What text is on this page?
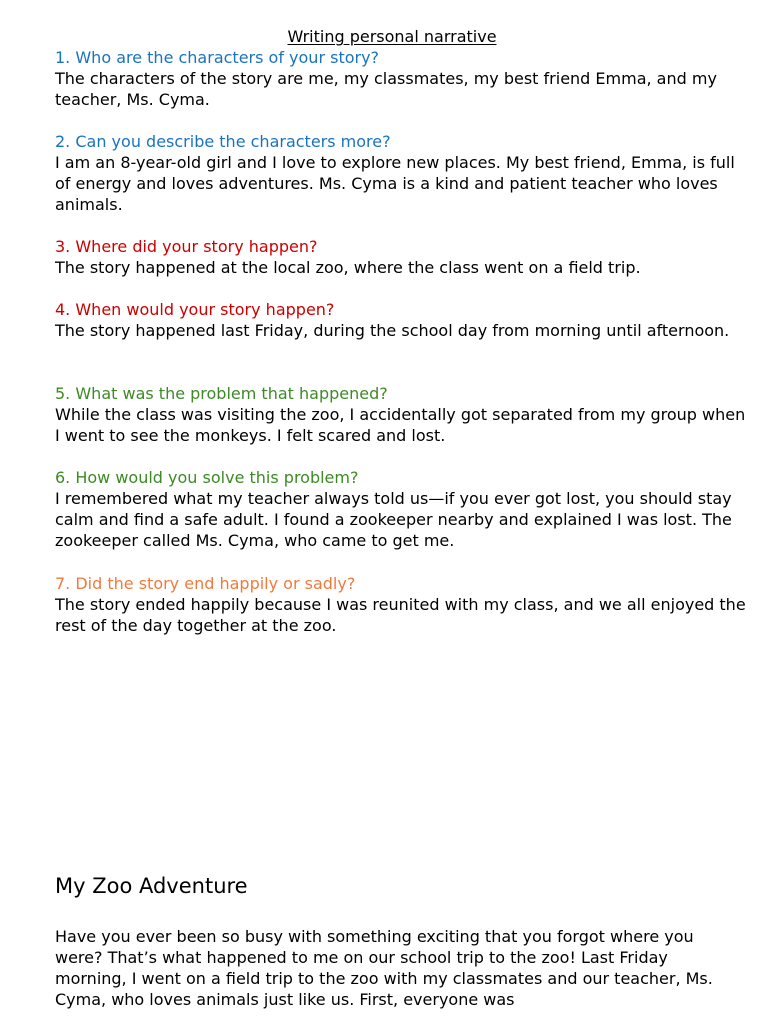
Writing personal narrative

1. Who are the characters of your story?

The characters of the story are me, my classmates, my best friend Emma, and my teacher, Ms. Cyma.

2. Can you describe the characters more?

I am an 8-year-old girl and I love to explore new places. My best friend, Emma, is full of energy and loves adventures. Ms. Cyma is a kind and patient teacher who loves animals.

3. Where did your story happen?

The story happened at the local zoo, where the class went on a field trip.

4. When would your story happen?

The story happened last Friday, during the school day from morning until afternoon.

5. What was the problem that happened?

While the class was visiting the zoo, I accidentally got separated from my group when I went to see the monkeys. I felt scared and lost.

6. How would you solve this problem?

I remembered what my teacher always told us—if you ever got lost, you should stay calm and find a safe adult. I found a zookeeper nearby and explained I was lost. The zookeeper called Ms. Cyma, who came to get me.

7. Did the story end happily or sadly?

The story ended happily because I was reunited with my class, and we all enjoyed the rest of the day together at the zoo.

My Zoo Adventure

Have you ever been so busy with something exciting that you forgot where you were? That’s what happened to me on our school trip to the zoo! Last Friday morning, I went on a field trip to the zoo with my classmates and our teacher, Ms. Cyma, who loves animals just like us. First, everyone was
